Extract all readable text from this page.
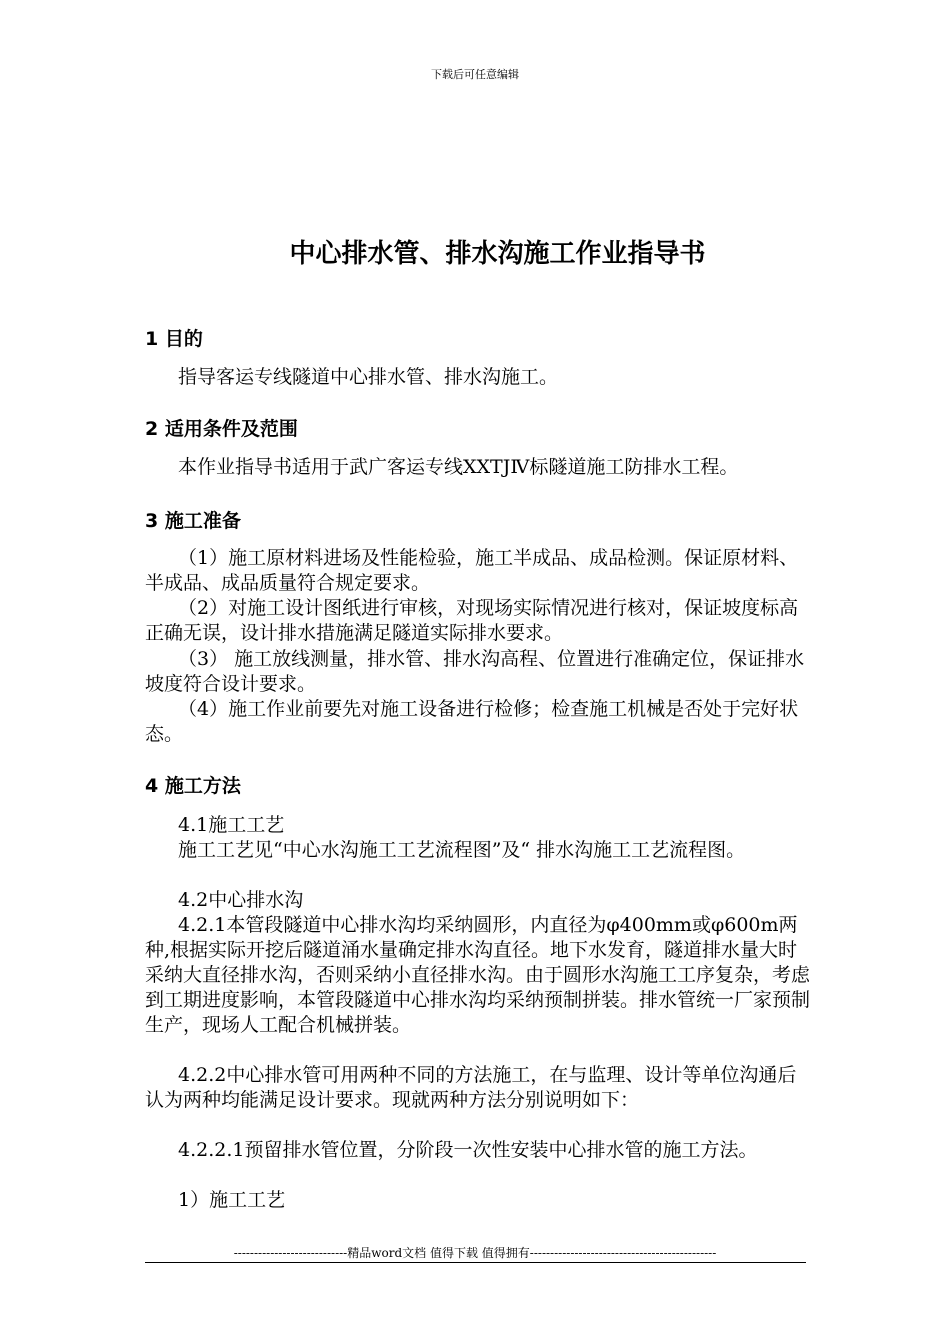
下载后可任意编辑
中心排水管、排水沟施工作业指导书
1 目的
指导客运专线隧道中心排水管、排水沟施工。
2 适用条件及范围
本作业指导书适用于武广客运专线XXTJⅣ标隧道施工防排水工程。
3 施工准备
（1）施工原材料进场及性能检验，施工半成品、成品检测。保证原材料、半成品、成品质量符合规定要求。
（2）对施工设计图纸进行审核，对现场实际情况进行核对，保证坡度标高正确无误，设计排水措施满足隧道实际排水要求。
（3） 施工放线测量，排水管、排水沟高程、位置进行准确定位，保证排水坡度符合设计要求。
（4）施工作业前要先对施工设备进行检修；检查施工机械是否处于完好状态。
4 施工方法
4.1施工工艺
施工工艺见“中心水沟施工工艺流程图”及“ 排水沟施工工艺流程图。
4.2中心排水沟
4.2.1本管段隧道中心排水沟均采纳圆形，内直径为φ400mm或φ600m两种,根据实际开挖后隧道涌水量确定排水沟直径。地下水发育，隧道排水量大时采纳大直径排水沟，否则采纳小直径排水沟。由于圆形水沟施工工序复杂，考虑到工期进度影响，本管段隧道中心排水沟均采纳预制拼装。排水管统一厂家预制生产，现场人工配合机械拼装。
4.2.2中心排水管可用两种不同的方法施工，在与监理、设计等单位沟通后认为两种均能满足设计要求。现就两种方法分别说明如下：
4.2.2.1预留排水管位置，分阶段一次性安装中心排水管的施工方法。
1）施工工艺
----------------------------精品word文档 值得下载 值得拥有----------------------------------------------
